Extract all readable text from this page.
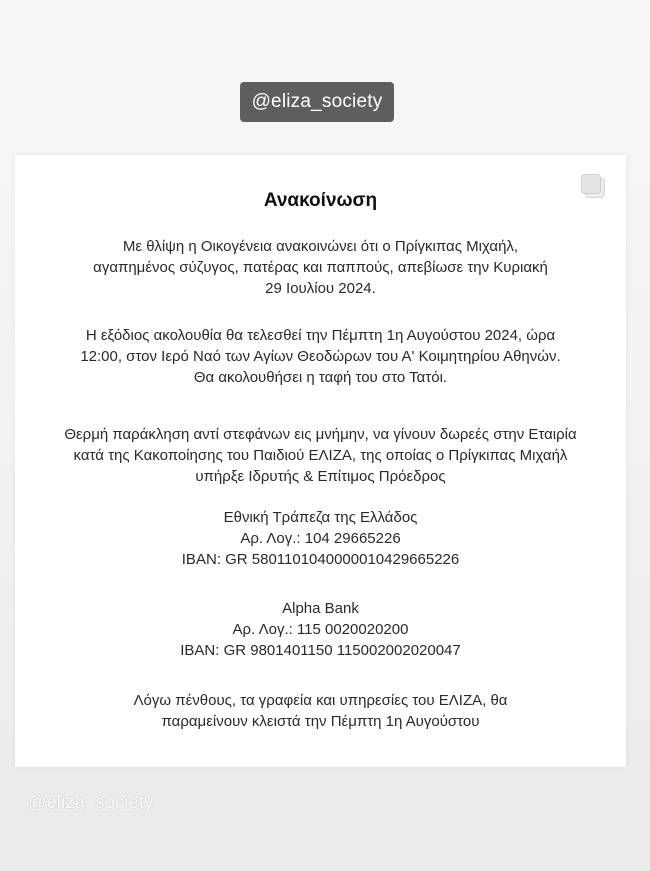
@eliza_society
Ανακοίνωση
Με θλίψη η Οικογένεια ανακοινώνει ότι ο Πρίγκιπας Μιχαήλ,
αγαπημένος σύζυγος, πατέρας και παππούς, απεβίωσε την Κυριακή
29 Ιουλίου 2024.
Η εξόδιος ακολουθία θα τελεσθεί την Πέμπτη 1η Αυγούστου 2024, ώρα
12:00, στον Ιερό Ναό των Αγίων Θεοδώρων του Α' Κοιμητηρίου Αθηνών.
Θα ακολουθήσει η ταφή του στο Τατόι.
Θερμή παράκληση αντί στεφάνων εις μνήμην, να γίνουν δωρεές στην Εταιρία
κατά της Κακοποίησης του Παιδιού ΕΛΙΖΑ, της οποίας ο Πρίγκιπας Μιχαήλ
υπήρξε Ιδρυτής & Επίτιμος Πρόεδρος
Εθνική Τράπεζα της Ελλάδος
Αρ. Λογ.: 104 29665226
IBAN: GR 5801101040000010429665226
Alpha Bank
Αρ. Λογ.: 115 0020020200
IBAN: GR 9801401150 115002002020047
Λόγω πένθους, τα γραφεία και υπηρεσίες του ΕΛΙΖΑ, θα
παραμείνουν κλειστά την Πέμπτη 1η Αυγούστου
@eliza_society
